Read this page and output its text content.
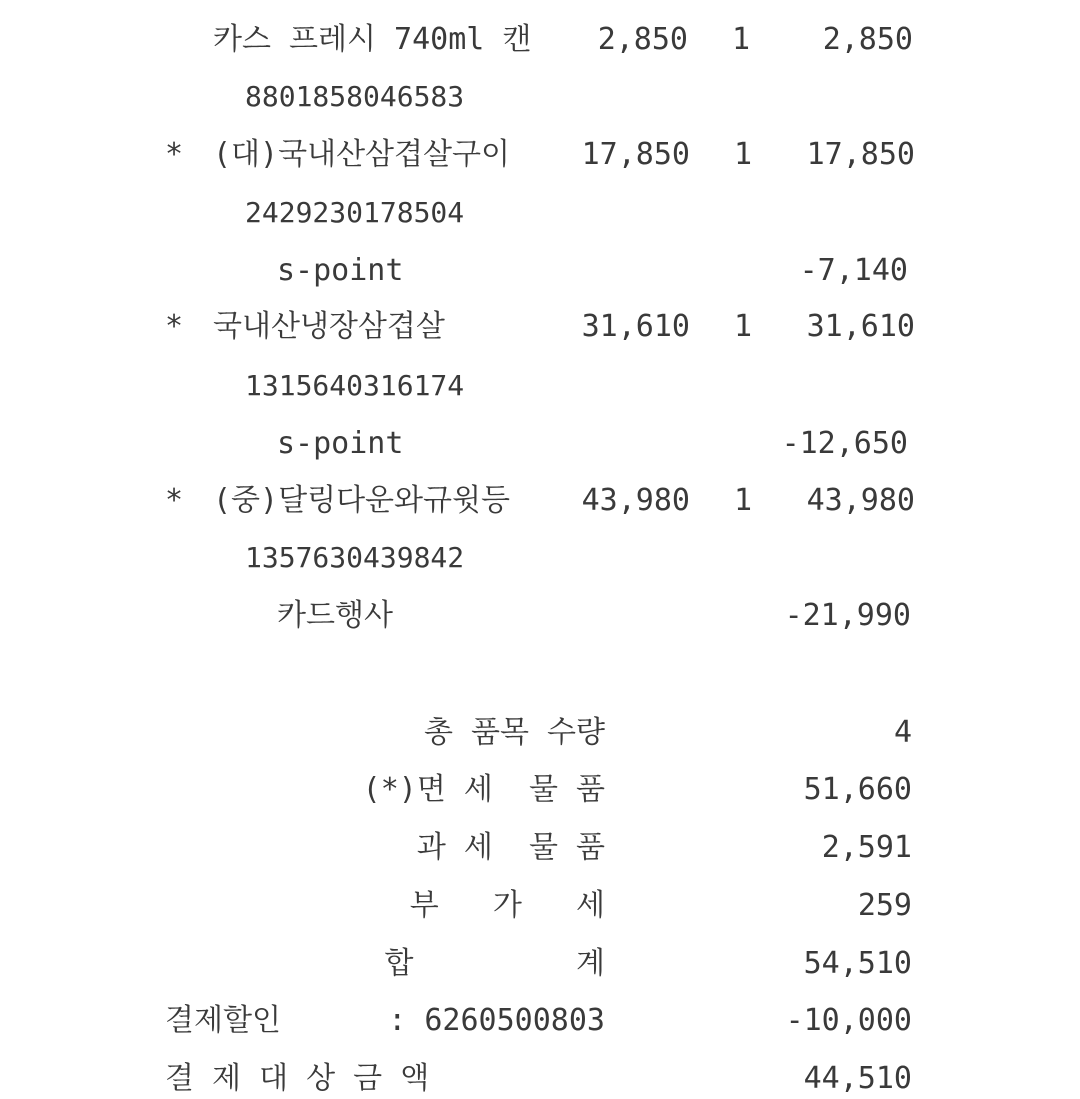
카스 프레시 740ml 캔 2,850 1 2,850
8801858046583
* (대)국내산삼겹살구이 17,850 1 17,850
2429230178504
s-point	-7,140
* 국내산냉장삼겹살	31,610 1 31,610
1315640316174
s-point	-12,650
* (중)달링다운와규윗등 43,980 1 43,980
1357630439842
카드행사	-21,990
총 품목 수량	4
(*)면 세  물 품	51,660
과 세  물 품	2,591
부   가   세	259
합         계	54,510
결제할인	: 6260500803	-10,000
결 제 대 상 금 액	44,510
